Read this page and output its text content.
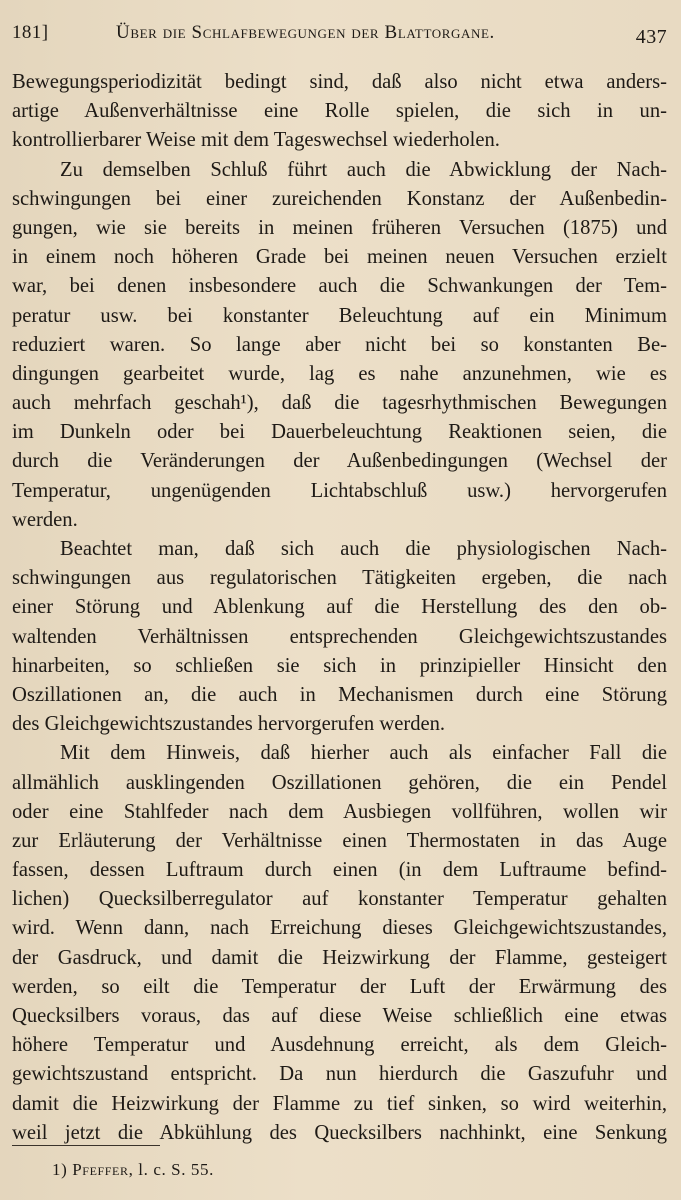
181]	Über die Schlafbewegungen der Blattorgane.	437
Bewegungsperiodizität bedingt sind, daß also nicht etwa anders-
artige Außenverhältnisse eine Rolle spielen, die sich in un-
kontrollierbarer Weise mit dem Tageswechsel wiederholen.
Zu demselben Schluß führt auch die Abwicklung der Nach-
schwingungen bei einer zureichenden Konstanz der Außenbedin-
gungen, wie sie bereits in meinen früheren Versuchen (1875) und
in einem noch höheren Grade bei meinen neuen Versuchen erzielt
war, bei denen insbesondere auch die Schwankungen der Tem-
peratur usw. bei konstanter Beleuchtung auf ein Minimum
reduziert waren. So lange aber nicht bei so konstanten Be-
dingungen gearbeitet wurde, lag es nahe anzunehmen, wie es
auch mehrfach geschah¹), daß die tagesrhythmischen Bewegungen
im Dunkeln oder bei Dauerbeleuchtung Reaktionen seien, die
durch die Veränderungen der Außenbedingungen (Wechsel der
Temperatur, ungenügenden Lichtabschluß usw.) hervorgerufen
werden.
Beachtet man, daß sich auch die physiologischen Nach-
schwingungen aus regulatorischen Tätigkeiten ergeben, die nach
einer Störung und Ablenkung auf die Herstellung des den ob-
waltenden Verhältnissen entsprechenden Gleichgewichtszustandes
hinarbeiten, so schließen sie sich in prinzipieller Hinsicht den
Oszillationen an, die auch in Mechanismen durch eine Störung
des Gleichgewichtszustandes hervorgerufen werden.
Mit dem Hinweis, daß hierher auch als einfacher Fall die
allmählich ausklingenden Oszillationen gehören, die ein Pendel
oder eine Stahlfeder nach dem Ausbiegen vollführen, wollen wir
zur Erläuterung der Verhältnisse einen Thermostaten in das Auge
fassen, dessen Luftraum durch einen (in dem Luftraume befind-
lichen) Quecksilberregulator auf konstanter Temperatur gehalten
wird. Wenn dann, nach Erreichung dieses Gleichgewichtszustandes,
der Gasdruck, und damit die Heizwirkung der Flamme, gesteigert
werden, so eilt die Temperatur der Luft der Erwärmung des
Quecksilbers voraus, das auf diese Weise schließlich eine etwas
höhere Temperatur und Ausdehnung erreicht, als dem Gleich-
gewichtszustand entspricht. Da nun hierdurch die Gaszufuhr und
damit die Heizwirkung der Flamme zu tief sinken, so wird weiterhin,
weil jetzt die Abkühlung des Quecksilbers nachhinkt, eine Senkung
1) Pfeffer, l. c. S. 55.
